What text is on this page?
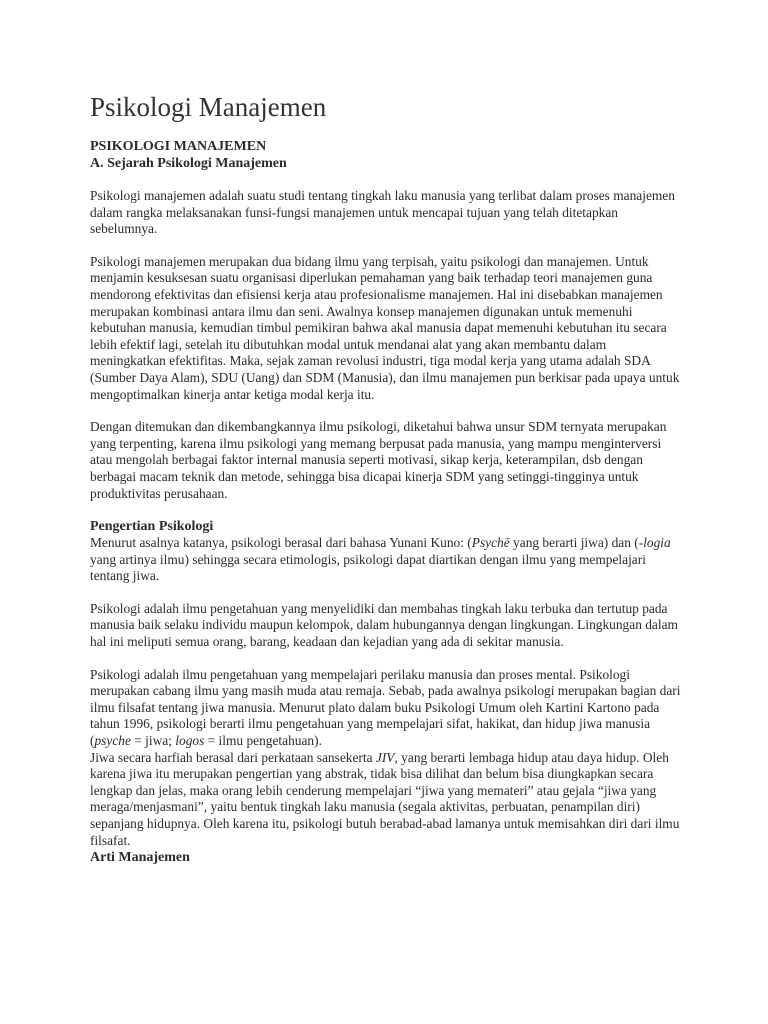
Psikologi Manajemen

PSIKOLOGI MANAJEMEN

A. Sejarah Psikologi Manajemen

Psikologi manajemen adalah suatu studi tentang tingkah laku manusia yang terlibat dalam proses manajemen dalam rangka melaksanakan funsi-fungsi manajemen untuk mencapai tujuan yang telah ditetapkan sebelumnya.

Psikologi manajemen merupakan dua bidang ilmu yang terpisah, yaitu psikologi dan manajemen. Untuk menjamin kesuksesan suatu organisasi diperlukan pemahaman yang baik terhadap teori manajemen guna mendorong efektivitas dan efisiensi kerja atau profesionalisme manajemen. Hal ini disebabkan manajemen merupakan kombinasi antara ilmu dan seni. Awalnya konsep manajemen digunakan untuk memenuhi kebutuhan manusia, kemudian timbul pemikiran bahwa akal manusia dapat memenuhi kebutuhan itu secara lebih efektif lagi, setelah itu dibutuhkan modal untuk mendanai alat yang akan membantu dalam meningkatkan efektifitas. Maka, sejak zaman revolusi industri, tiga modal kerja yang utama adalah SDA (Sumber Daya Alam), SDU (Uang) dan SDM (Manusia), dan ilmu manajemen pun berkisar pada upaya untuk mengoptimalkan kinerja antar ketiga modal kerja itu.

Dengan ditemukan dan dikembangkannya ilmu psikologi, diketahui bahwa unsur SDM ternyata merupakan yang terpenting, karena ilmu psikologi yang memang berpusat pada manusia, yang mampu menginterversi atau mengolah berbagai faktor internal manusia seperti motivasi, sikap kerja, keterampilan, dsb dengan berbagai macam teknik dan metode, sehingga bisa dicapai kinerja SDM yang setinggi-tingginya untuk produktivitas perusahaan.

Pengertian Psikologi

Menurut asalnya katanya, psikologi berasal dari bahasa Yunani Kuno: (Psychē yang berarti jiwa) dan (-logia yang artinya ilmu) sehingga secara etimologis, psikologi dapat diartikan dengan ilmu yang mempelajari tentang jiwa.

Psikologi adalah ilmu pengetahuan yang menyelidiki dan membahas tingkah laku terbuka dan tertutup pada manusia baik selaku individu maupun kelompok, dalam hubungannya dengan lingkungan. Lingkungan dalam hal ini meliputi semua orang, barang, keadaan dan kejadian yang ada di sekitar manusia.

Psikologi adalah ilmu pengetahuan yang mempelajari perilaku manusia dan proses mental. Psikologi merupakan cabang ilmu yang masih muda atau remaja. Sebab, pada awalnya psikologi merupakan bagian dari ilmu filsafat tentang jiwa manusia. Menurut plato dalam buku Psikologi Umum oleh Kartini Kartono pada tahun 1996, psikologi berarti ilmu pengetahuan yang mempelajari sifat, hakikat, dan hidup jiwa manusia (psyche = jiwa; logos = ilmu pengetahuan).

Jiwa secara harfiah berasal dari perkataan sansekerta JIV, yang berarti lembaga hidup atau daya hidup. Oleh karena jiwa itu merupakan pengertian yang abstrak, tidak bisa dilihat dan belum bisa diungkapkan secara lengkap dan jelas, maka orang lebih cenderung mempelajari “jiwa yang memateri” atau gejala “jiwa yang meraga/menjasmani”, yaitu bentuk tingkah laku manusia (segala aktivitas, perbuatan, penampilan diri) sepanjang hidupnya. Oleh karena itu, psikologi butuh berabad-abad lamanya untuk memisahkan diri dari ilmu filsafat.

Arti Manajemen
